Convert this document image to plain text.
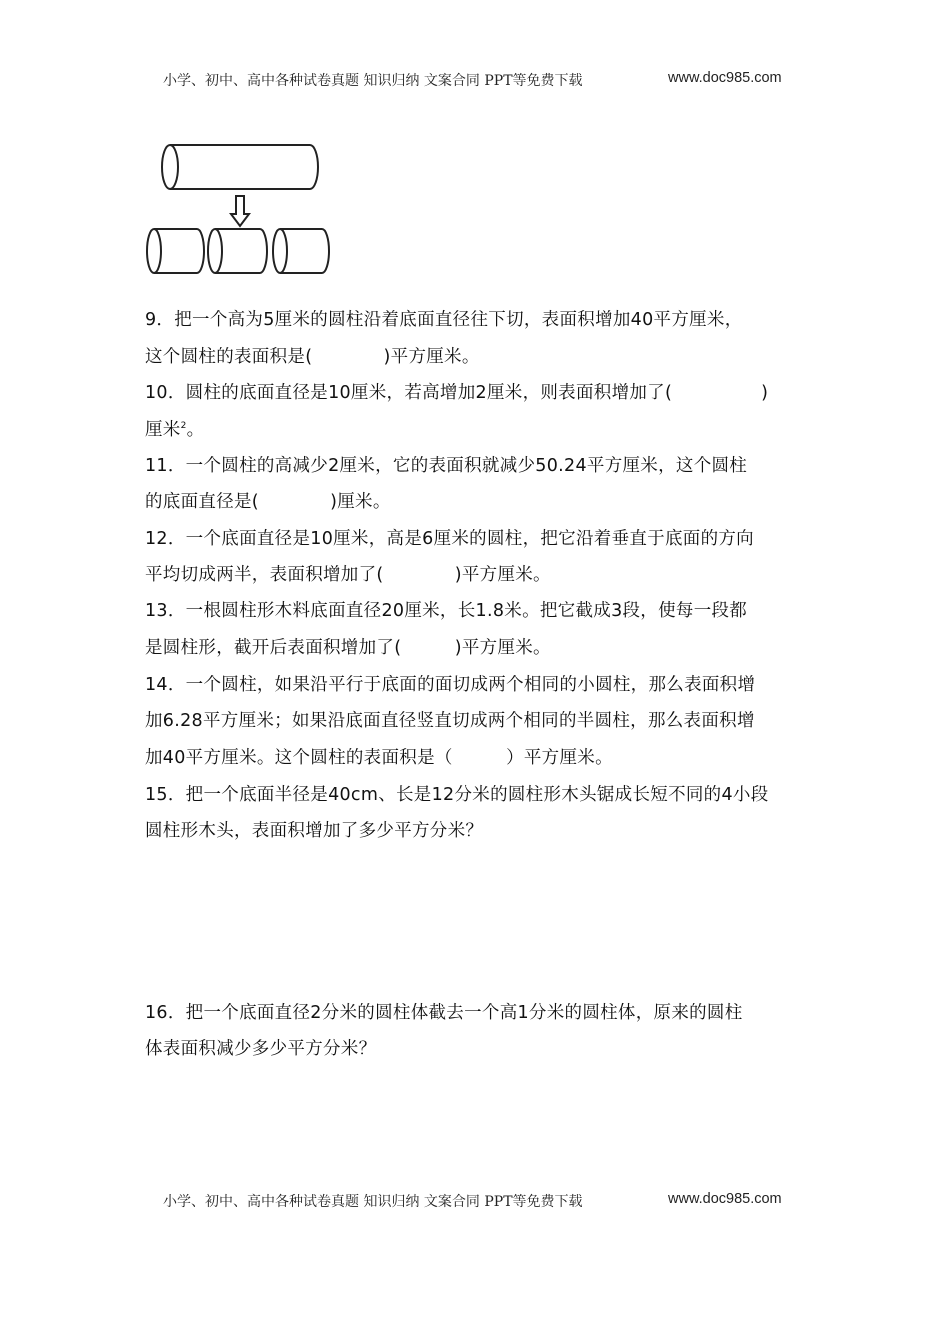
小学、初中、高中各种试卷真题 知识归纳 文案合同 PPT等免费下载	www.doc985.com
9．把一个高为5厘米的圆柱沿着底面直径往下切，表面积增加40平方厘米，
这个圆柱的表面积是(　　　　)平方厘米。
10．圆柱的底面直径是10厘米，若高增加2厘米，则表面积增加了(　　　　　)
厘米$^2$。
11．一个圆柱的高减少2厘米，它的表面积就减少50.24平方厘米，这个圆柱
的底面直径是(　　　　)厘米。
12．一个底面直径是10厘米，高是6厘米的圆柱，把它沿着垂直于底面的方向
平均切成两半，表面积增加了(　　　　)平方厘米。
13．一根圆柱形木料底面直径20厘米，长1.8米。把它截成3段，使每一段都
是圆柱形，截开后表面积增加了(　　　)平方厘米。
14．一个圆柱，如果沿平行于底面的面切成两个相同的小圆柱，那么表面积增
加6.28平方厘米；如果沿底面直径竖直切成两个相同的半圆柱，那么表面积增
加40平方厘米。这个圆柱的表面积是（　　　）平方厘米。
15．把一个底面半径是40cm、长是12分米的圆柱形木头锯成长短不同的4小段
圆柱形木头，表面积增加了多少平方分米？
16．把一个底面直径2分米的圆柱体截去一个高1分米的圆柱体，原来的圆柱
体表面积减少多少平方分米？
小学、初中、高中各种试卷真题 知识归纳 文案合同 PPT等免费下载	www.doc985.com
